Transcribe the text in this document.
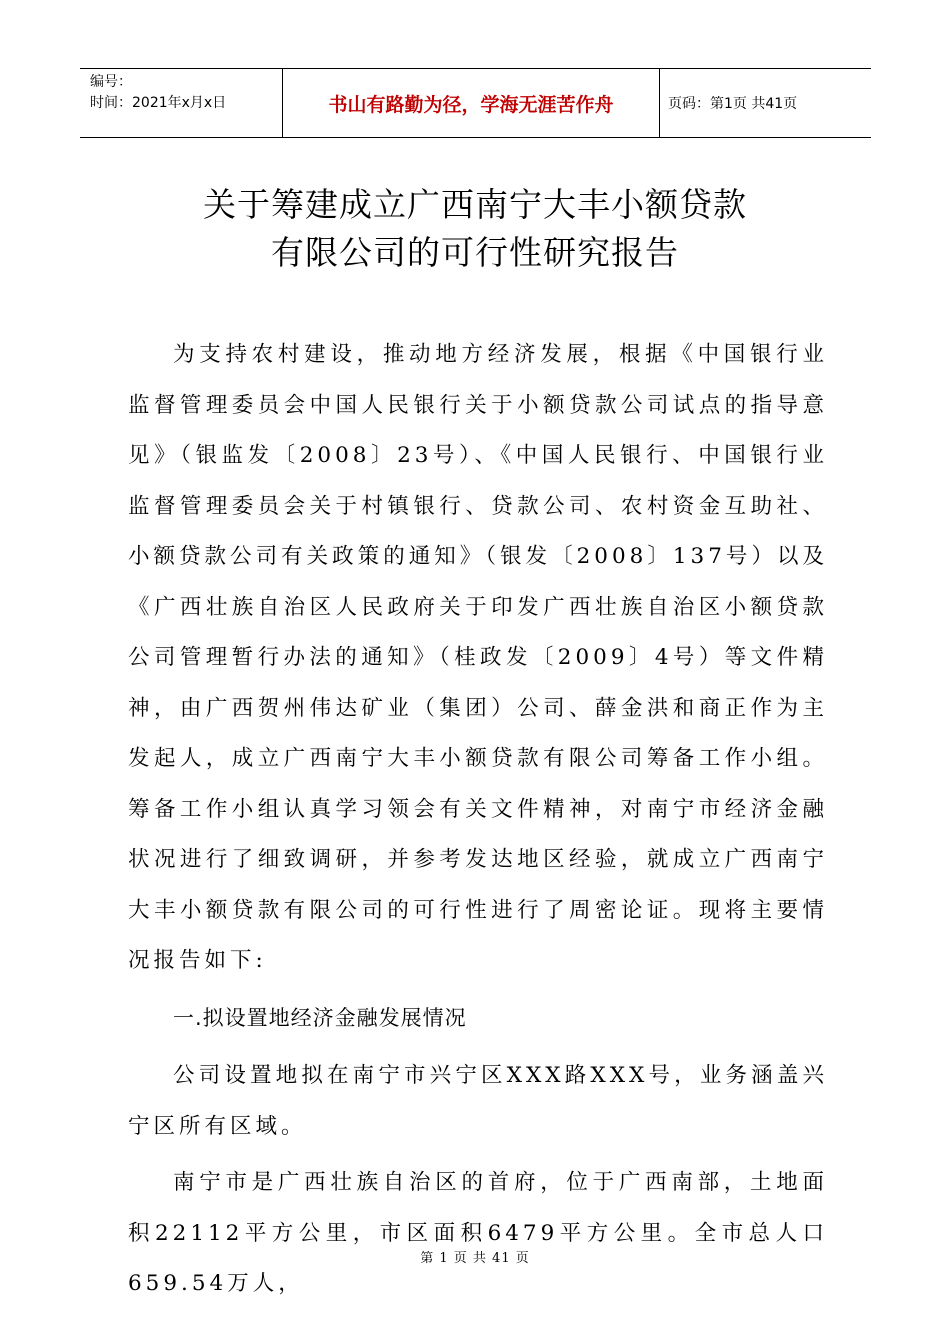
编号：
时间：2021年x月x日	书山有路勤为径，学海无涯苦作舟	页码：第1页 共41页
关于筹建成立广西南宁大丰小额贷款
有限公司的可行性研究报告

为支持农村建设，推动地方经济发展，根据《中国银行业监督管理委员会中国人民银行关于小额贷款公司试点的指导意见》（银监发〔2008〕23号）、《中国人民银行、中国银行业监督管理委员会关于村镇银行、贷款公司、农村资金互助社、小额贷款公司有关政策的通知》（银发〔2008〕137号）以及《广西壮族自治区人民政府关于印发广西壮族自治区小额贷款公司管理暂行办法的通知》（桂政发〔2009〕4号）等文件精神，由广西贺州伟达矿业（集团）公司、薛金洪和商正作为主发起人，成立广西南宁大丰小额贷款有限公司筹备工作小组。筹备工作小组认真学习领会有关文件精神，对南宁市经济金融状况进行了细致调研，并参考发达地区经验，就成立广西南宁大丰小额贷款有限公司的可行性进行了周密论证。现将主要情况报告如下:

一.拟设置地经济金融发展情况

公司设置地拟在南宁市兴宁区XXX路XXX号，业务涵盖兴宁区所有区域。

南宁市是广西壮族自治区的首府，位于广西南部，土地面积22112平方公里，市区面积6479平方公里。全市总人口659.54万人，

第 1 页 共 41 页
